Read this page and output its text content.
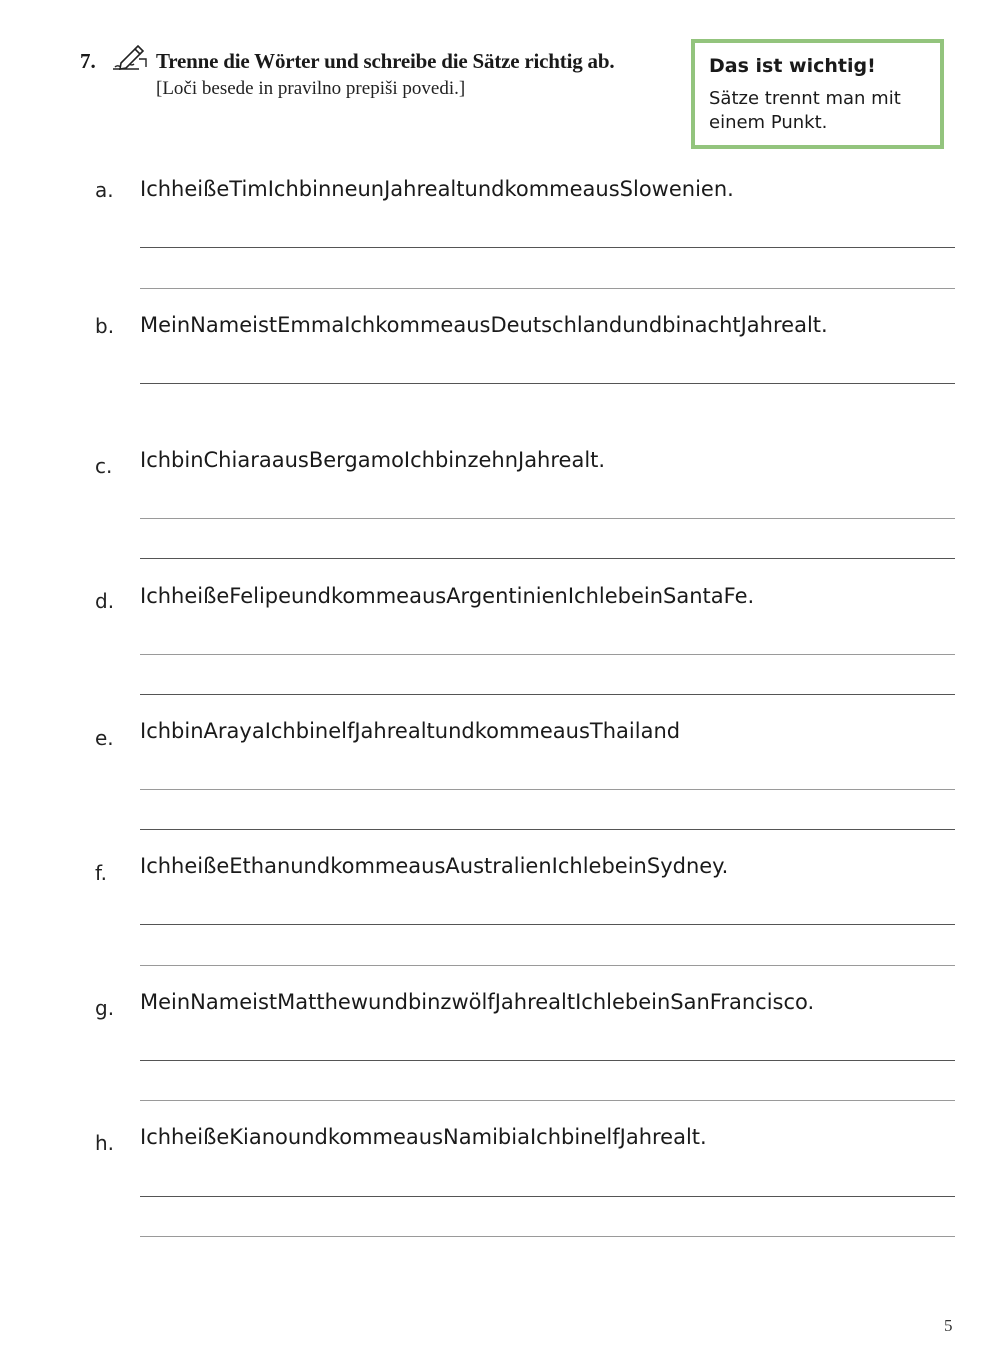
7.	Trenne die Wörter und schreibe die Sätze richtig ab.
[Loči besede in pravilno prepiši povedi.]
Das ist wichtig!
Sätze trennt man mit einem Punkt.
a. IchheißeTimIchbinneunJahrealtundkommeausSlowenien.
b. MeinNameistEmmaIchkommeausDeutschlandundbinachtJahrealt.
c. IchbinChiaraausBergamoIchbinzehnJahrealt.
d. IchheißeFelipeundkommeausArgentinienIchlebeinSantaFe.
e. IchbinArayaIchbinelfJahrealtundkommeausThailand
f. IchheißeEthanundkommeausAustralienIchlebeinSydney.
g. MeinNameistMatthewundbinzwölfJahrealtIchlebeinSanFrancisco.
h. IchheißeKianoundkommeausNamibiaIchbinelfJahrealt.
5
